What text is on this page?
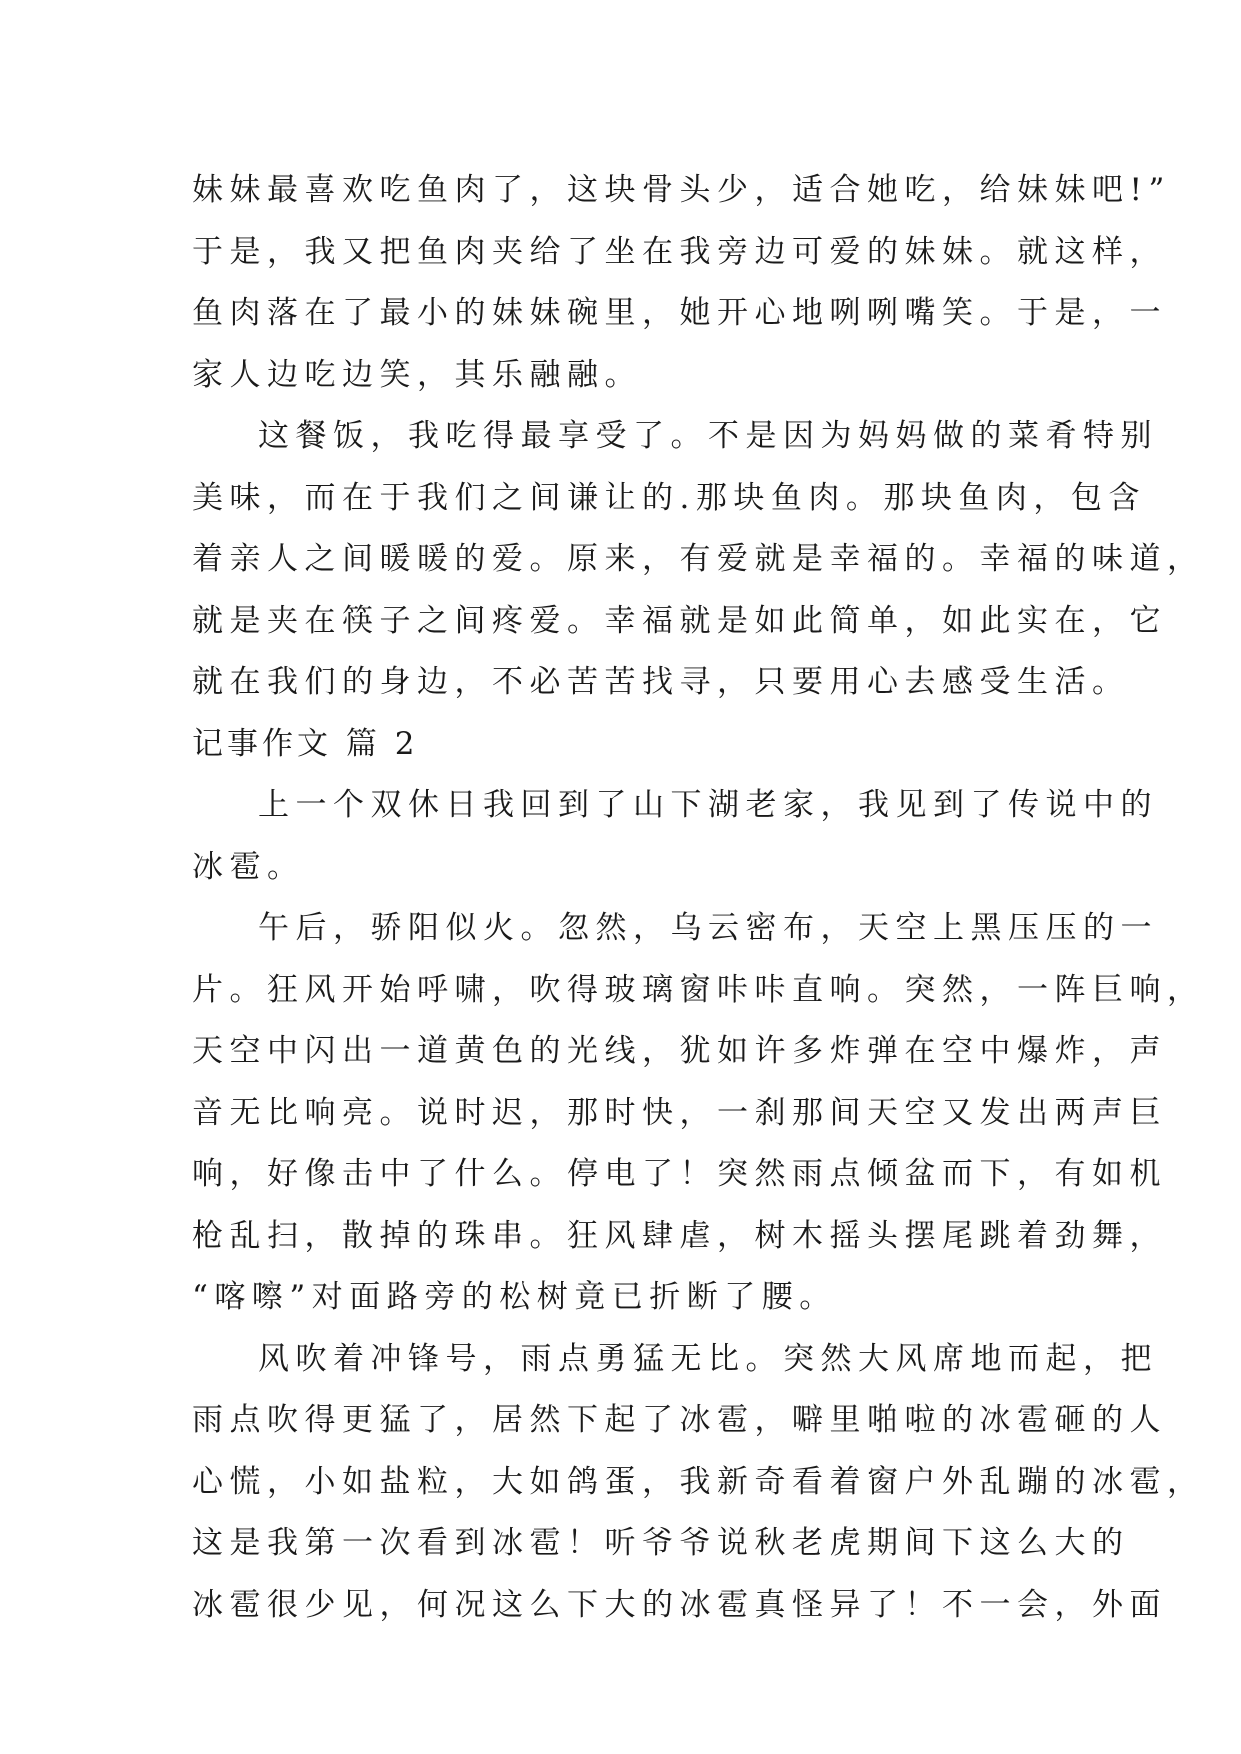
妹妹最喜欢吃鱼肉了，这块骨头少，适合她吃，给妹妹吧!”
于是，我又把鱼肉夹给了坐在我旁边可爱的妹妹。就这样，
鱼肉落在了最小的妹妹碗里，她开心地咧咧嘴笑。于是，一
家人边吃边笑，其乐融融。
这餐饭，我吃得最享受了。不是因为妈妈做的菜肴特别
美味，而在于我们之间谦让的.那块鱼肉。那块鱼肉，包含
着亲人之间暖暖的爱。原来，有爱就是幸福的。幸福的味道，
就是夹在筷子之间疼爱。幸福就是如此简单，如此实在，它
就在我们的身边，不必苦苦找寻，只要用心去感受生活。
记事作文 篇 2
上一个双休日我回到了山下湖老家，我见到了传说中的
冰雹。
午后，骄阳似火。忽然，乌云密布，天空上黑压压的一
片。狂风开始呼啸，吹得玻璃窗咔咔直响。突然，一阵巨响，
天空中闪出一道黄色的光线，犹如许多炸弹在空中爆炸，声
音无比响亮。说时迟，那时快，一刹那间天空又发出两声巨
响，好像击中了什么。停电了！突然雨点倾盆而下，有如机
枪乱扫，散掉的珠串。狂风肆虐，树木摇头摆尾跳着劲舞，
“喀嚓”对面路旁的松树竟已折断了腰。
风吹着冲锋号，雨点勇猛无比。突然大风席地而起，把
雨点吹得更猛了，居然下起了冰雹，噼里啪啦的冰雹砸的人
心慌，小如盐粒，大如鸽蛋，我新奇看着窗户外乱蹦的冰雹，
这是我第一次看到冰雹！听爷爷说秋老虎期间下这么大的
冰雹很少见，何况这么下大的冰雹真怪异了！不一会，外面
